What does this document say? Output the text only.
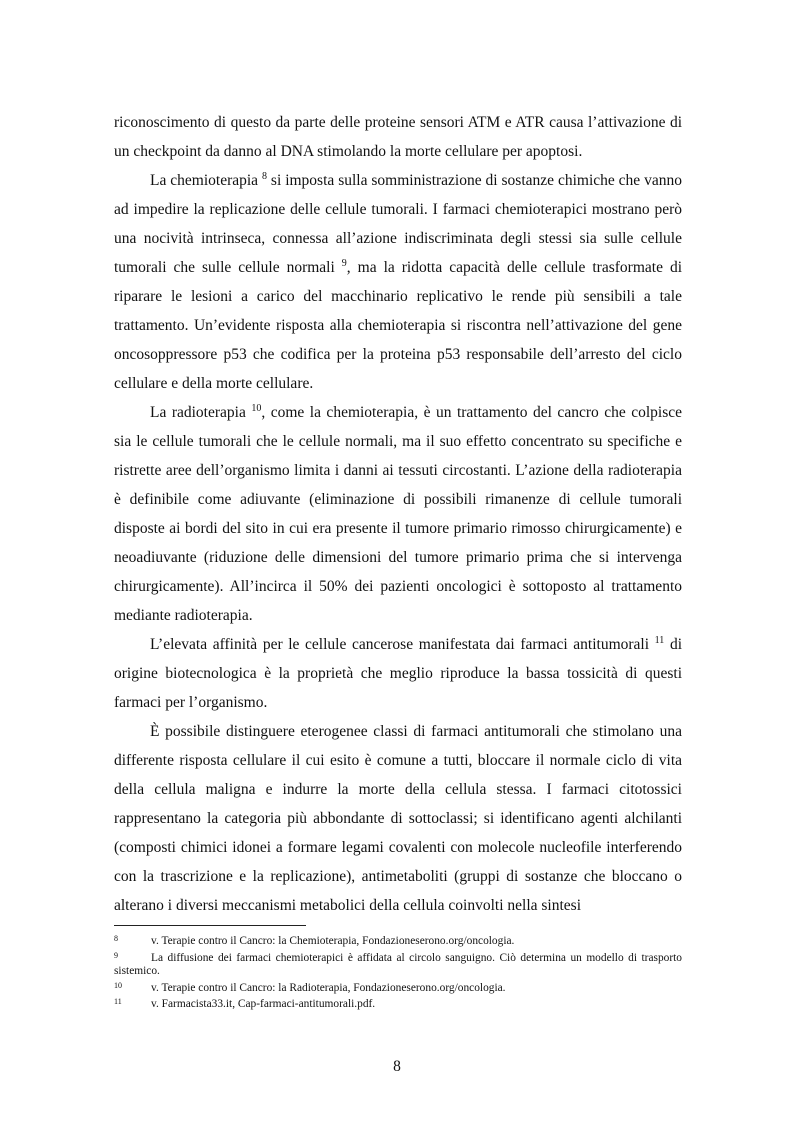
riconoscimento di questo da parte delle proteine sensori ATM e ATR causa l’attivazione di un checkpoint da danno al DNA stimolando la morte cellulare per apoptosi.

La chemioterapia $^8$ si imposta sulla somministrazione di sostanze chimiche che vanno ad impedire la replicazione delle cellule tumorali. I farmaci chemioterapici mostrano però una nocività intrinseca, connessa all’azione indiscriminata degli stessi sia sulle cellule tumorali che sulle cellule normali $^9$, ma la ridotta capacità delle cellule trasformate di riparare le lesioni a carico del macchinario replicativo le rende più sensibili a tale trattamento. Un’evidente risposta alla chemioterapia si riscontra nell’attivazione del gene oncosoppressore p53 che codifica per la proteina p53 responsabile dell’arresto del ciclo cellulare e della morte cellulare.

La radioterapia $^{10}$, come la chemioterapia, è un trattamento del cancro che colpisce sia le cellule tumorali che le cellule normali, ma il suo effetto concentrato su specifiche e ristrette aree dell’organismo limita i danni ai tessuti circostanti. L’azione della radioterapia è definibile come adiuvante (eliminazione di possibili rimanenze di cellule tumorali disposte ai bordi del sito in cui era presente il tumore primario rimosso chirurgicamente) e neoadiuvante (riduzione delle dimensioni del tumore primario prima che si intervenga chirurgicamente). All’incirca il 50% dei pazienti oncologici è sottoposto al trattamento mediante radioterapia.

L’elevata affinità per le cellule cancerose manifestata dai farmaci antitumorali $^{11}$ di origine biotecnologica è la proprietà che meglio riproduce la bassa tossicità di questi farmaci per l’organismo.

È possibile distinguere eterogenee classi di farmaci antitumorali che stimolano una differente risposta cellulare il cui esito è comune a tutti, bloccare il normale ciclo di vita della cellula maligna e indurre la morte della cellula stessa. I farmaci citotossici rappresentano la categoria più abbondante di sottoclassi; si identificano agenti alchilanti (composti chimici idonei a formare legami covalenti con molecole nucleofile interferendo con la trascrizione e la replicazione), antimetaboliti (gruppi di sostanze che bloccano o alterano i diversi meccanismi metabolici della cellula coinvolti nella sintesi

8	v. Terapie contro il Cancro: la Chemioterapia, Fondazioneserono.org/oncologia.

9	La diffusione dei farmaci chemioterapici è affidata al circolo sanguigno. Ciò determina un modello di trasporto sistemico.

10	v. Terapie contro il Cancro: la Radioterapia, Fondazioneserono.org/oncologia.

11	v. Farmacista33.it, Cap-farmaci-antitumorali.pdf.

8
